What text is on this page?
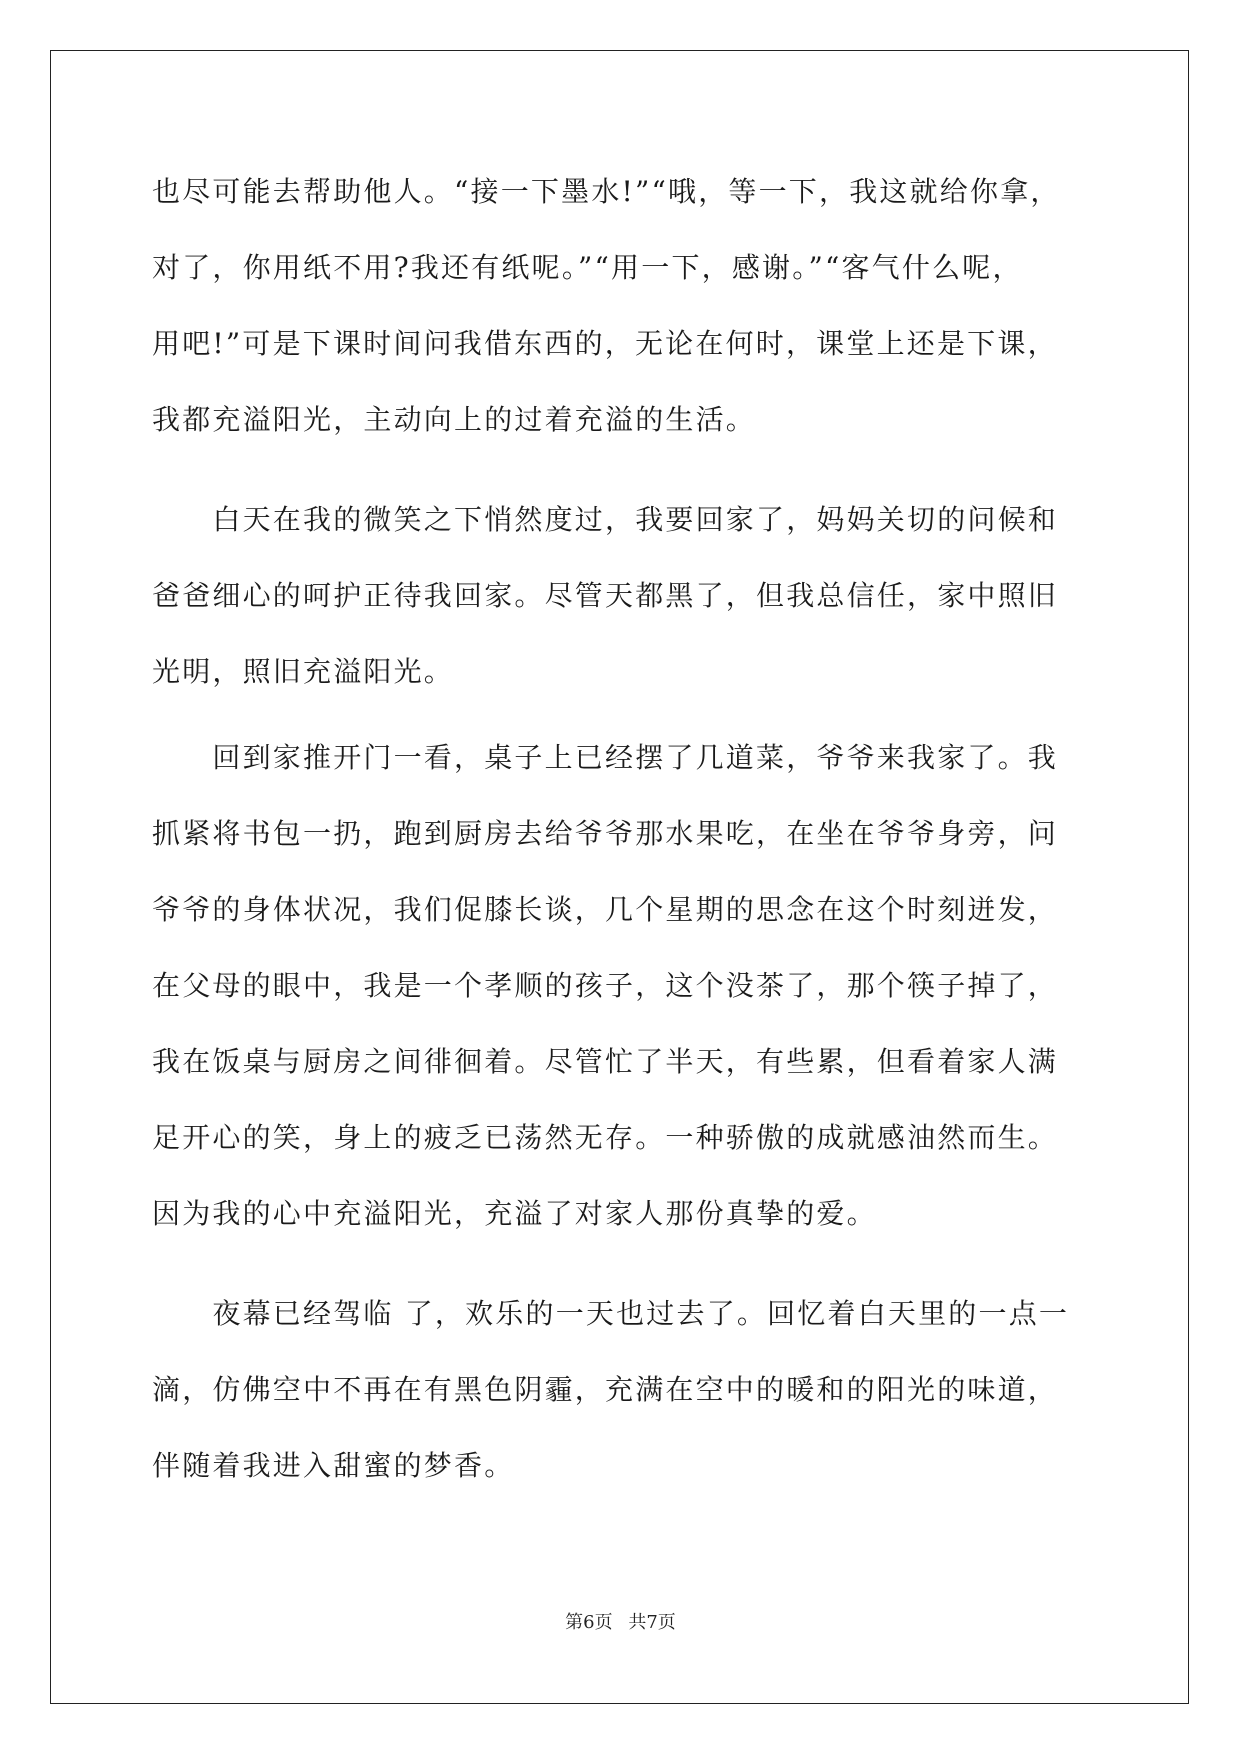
也尽可能去帮助他人。“接一下墨水!”“哦，等一下，我这就给你拿，
对了，你用纸不用?我还有纸呢。”“用一下，感谢。”“客气什么呢，
用吧!”可是下课时间问我借东西的，无论在何时，课堂上还是下课，
我都充溢阳光，主动向上的过着充溢的生活。
　　白天在我的微笑之下悄然度过，我要回家了，妈妈关切的问候和
爸爸细心的呵护正待我回家。尽管天都黑了，但我总信任，家中照旧
光明，照旧充溢阳光。
　　回到家推开门一看，桌子上已经摆了几道菜，爷爷来我家了。我
抓紧将书包一扔，跑到厨房去给爷爷那水果吃，在坐在爷爷身旁，问
爷爷的身体状况，我们促膝长谈，几个星期的思念在这个时刻迸发，
在父母的眼中，我是一个孝顺的孩子，这个没茶了，那个筷子掉了，
我在饭桌与厨房之间徘徊着。尽管忙了半天，有些累，但看着家人满
足开心的笑，身上的疲乏已荡然无存。一种骄傲的成就感油然而生。
因为我的心中充溢阳光，充溢了对家人那份真挚的爱。
　　夜幕已经驾临 了，欢乐的一天也过去了。回忆着白天里的一点一
滴，仿佛空中不再在有黑色阴霾，充满在空中的暖和的阳光的味道，
伴随着我进入甜蜜的梦香。
第6页 共7页
